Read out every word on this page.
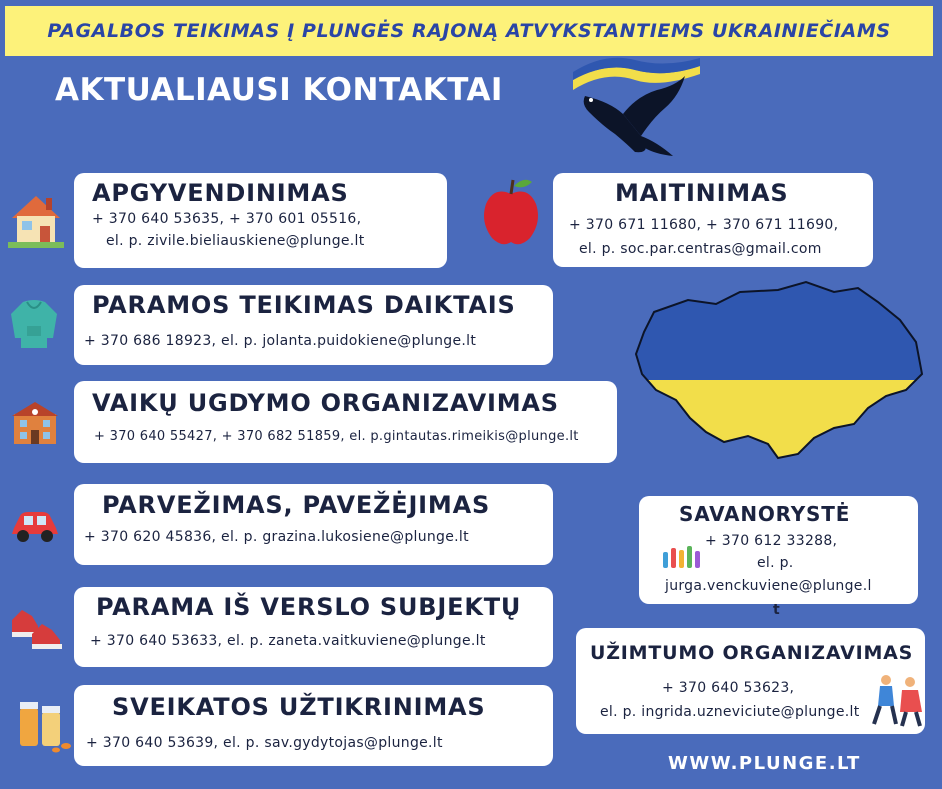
PAGALBOS TEIKIMAS Į PLUNGĖS RAJONĄ ATVYKSTANTIEMS UKRAINIEČIAMS
AKTUALIAUSI KONTAKTAI
APGYVENDINIMAS
+ 370 640 53635, + 370 601 05516,
el. p. zivile.bieliauskiene@plunge.lt
PARAMOS TEIKIMAS DAIKTAIS
+ 370 686 18923, el. p. jolanta.puidokiene@plunge.lt
VAIKŲ UGDYMO ORGANIZAVIMAS
+ 370 640 55427, + 370 682 51859, el. p.gintautas.rimeikis@plunge.lt
PARVEŽIMAS, PAVEŽĖJIMAS
+ 370 620 45836, el. p. grazina.lukosiene@plunge.lt
PARAMA IŠ VERSLO SUBJEKTŲ
+ 370 640 53633, el. p. zaneta.vaitkuviene@plunge.lt
SVEIKATOS UŽTIKRINIMAS
+ 370 640 53639, el. p. sav.gydytojas@plunge.lt
MAITINIMAS
+ 370 671 11680, + 370 671 11690,
el. p. soc.par.centras@gmail.com
SAVANORYSTĖ
+ 370 612 33288,
el. p.
jurga.venckuviene@plunge.l
t
UŽIMTUMO ORGANIZAVIMAS
+ 370 640 53623,
el. p. ingrida.uzneviciute@plunge.lt
WWW.PLUNGE.LT
